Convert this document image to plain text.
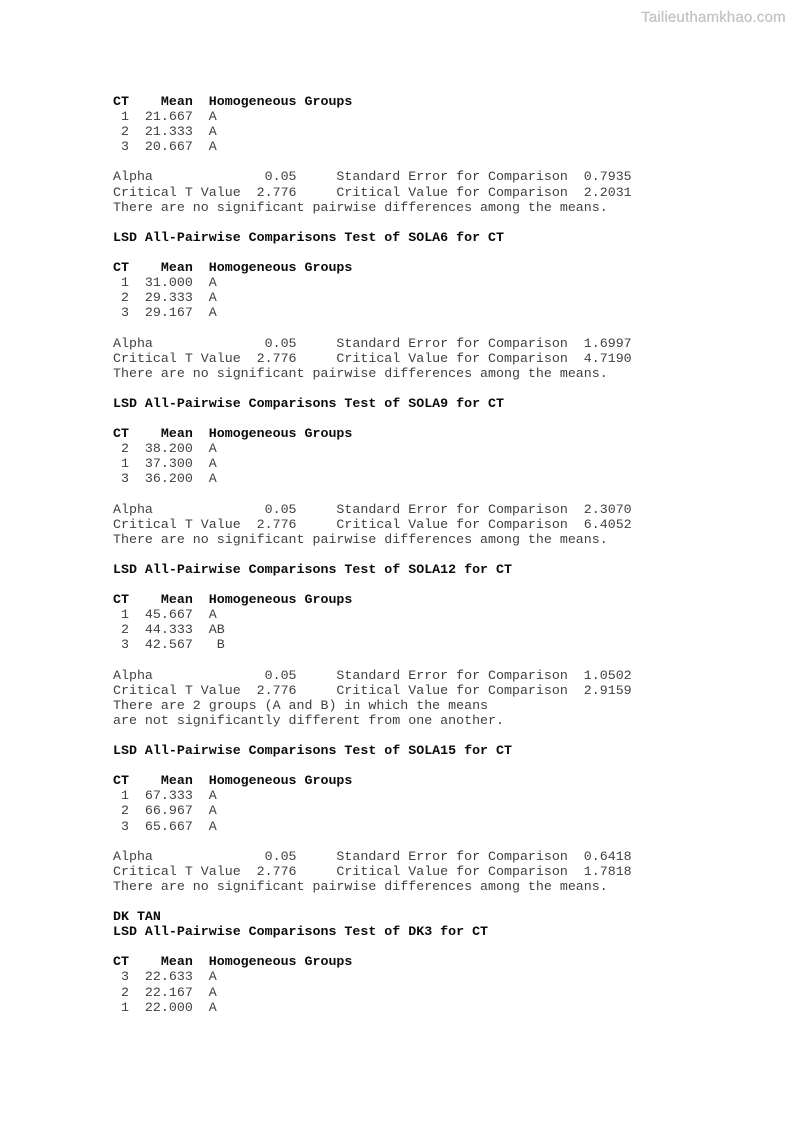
Tailieuthamkhao.com
CT    Mean  Homogeneous Groups
1  21.667  A
2  21.333  A
3  20.667  A

Alpha              0.05     Standard Error for Comparison  0.7935
Critical T Value  2.776     Critical Value for Comparison  2.2031
There are no significant pairwise differences among the means.

LSD All-Pairwise Comparisons Test of SOLA6 for CT

CT    Mean  Homogeneous Groups
1  31.000  A
2  29.333  A
3  29.167  A

Alpha              0.05     Standard Error for Comparison  1.6997
Critical T Value  2.776     Critical Value for Comparison  4.7190
There are no significant pairwise differences among the means.

LSD All-Pairwise Comparisons Test of SOLA9 for CT

CT    Mean  Homogeneous Groups
2  38.200  A
1  37.300  A
3  36.200  A

Alpha              0.05     Standard Error for Comparison  2.3070
Critical T Value  2.776     Critical Value for Comparison  6.4052
There are no significant pairwise differences among the means.

LSD All-Pairwise Comparisons Test of SOLA12 for CT

CT    Mean  Homogeneous Groups
1  45.667  A
2  44.333  AB
3  42.567   B

Alpha              0.05     Standard Error for Comparison  1.0502
Critical T Value  2.776     Critical Value for Comparison  2.9159
There are 2 groups (A and B) in which the means
are not significantly different from one another.

LSD All-Pairwise Comparisons Test of SOLA15 for CT

CT    Mean  Homogeneous Groups
1  67.333  A
2  66.967  A
3  65.667  A

Alpha              0.05     Standard Error for Comparison  0.6418
Critical T Value  2.776     Critical Value for Comparison  1.7818
There are no significant pairwise differences among the means.

DK TAN
LSD All-Pairwise Comparisons Test of DK3 for CT

CT    Mean  Homogeneous Groups
3  22.633  A
2  22.167  A
1  22.000  A
